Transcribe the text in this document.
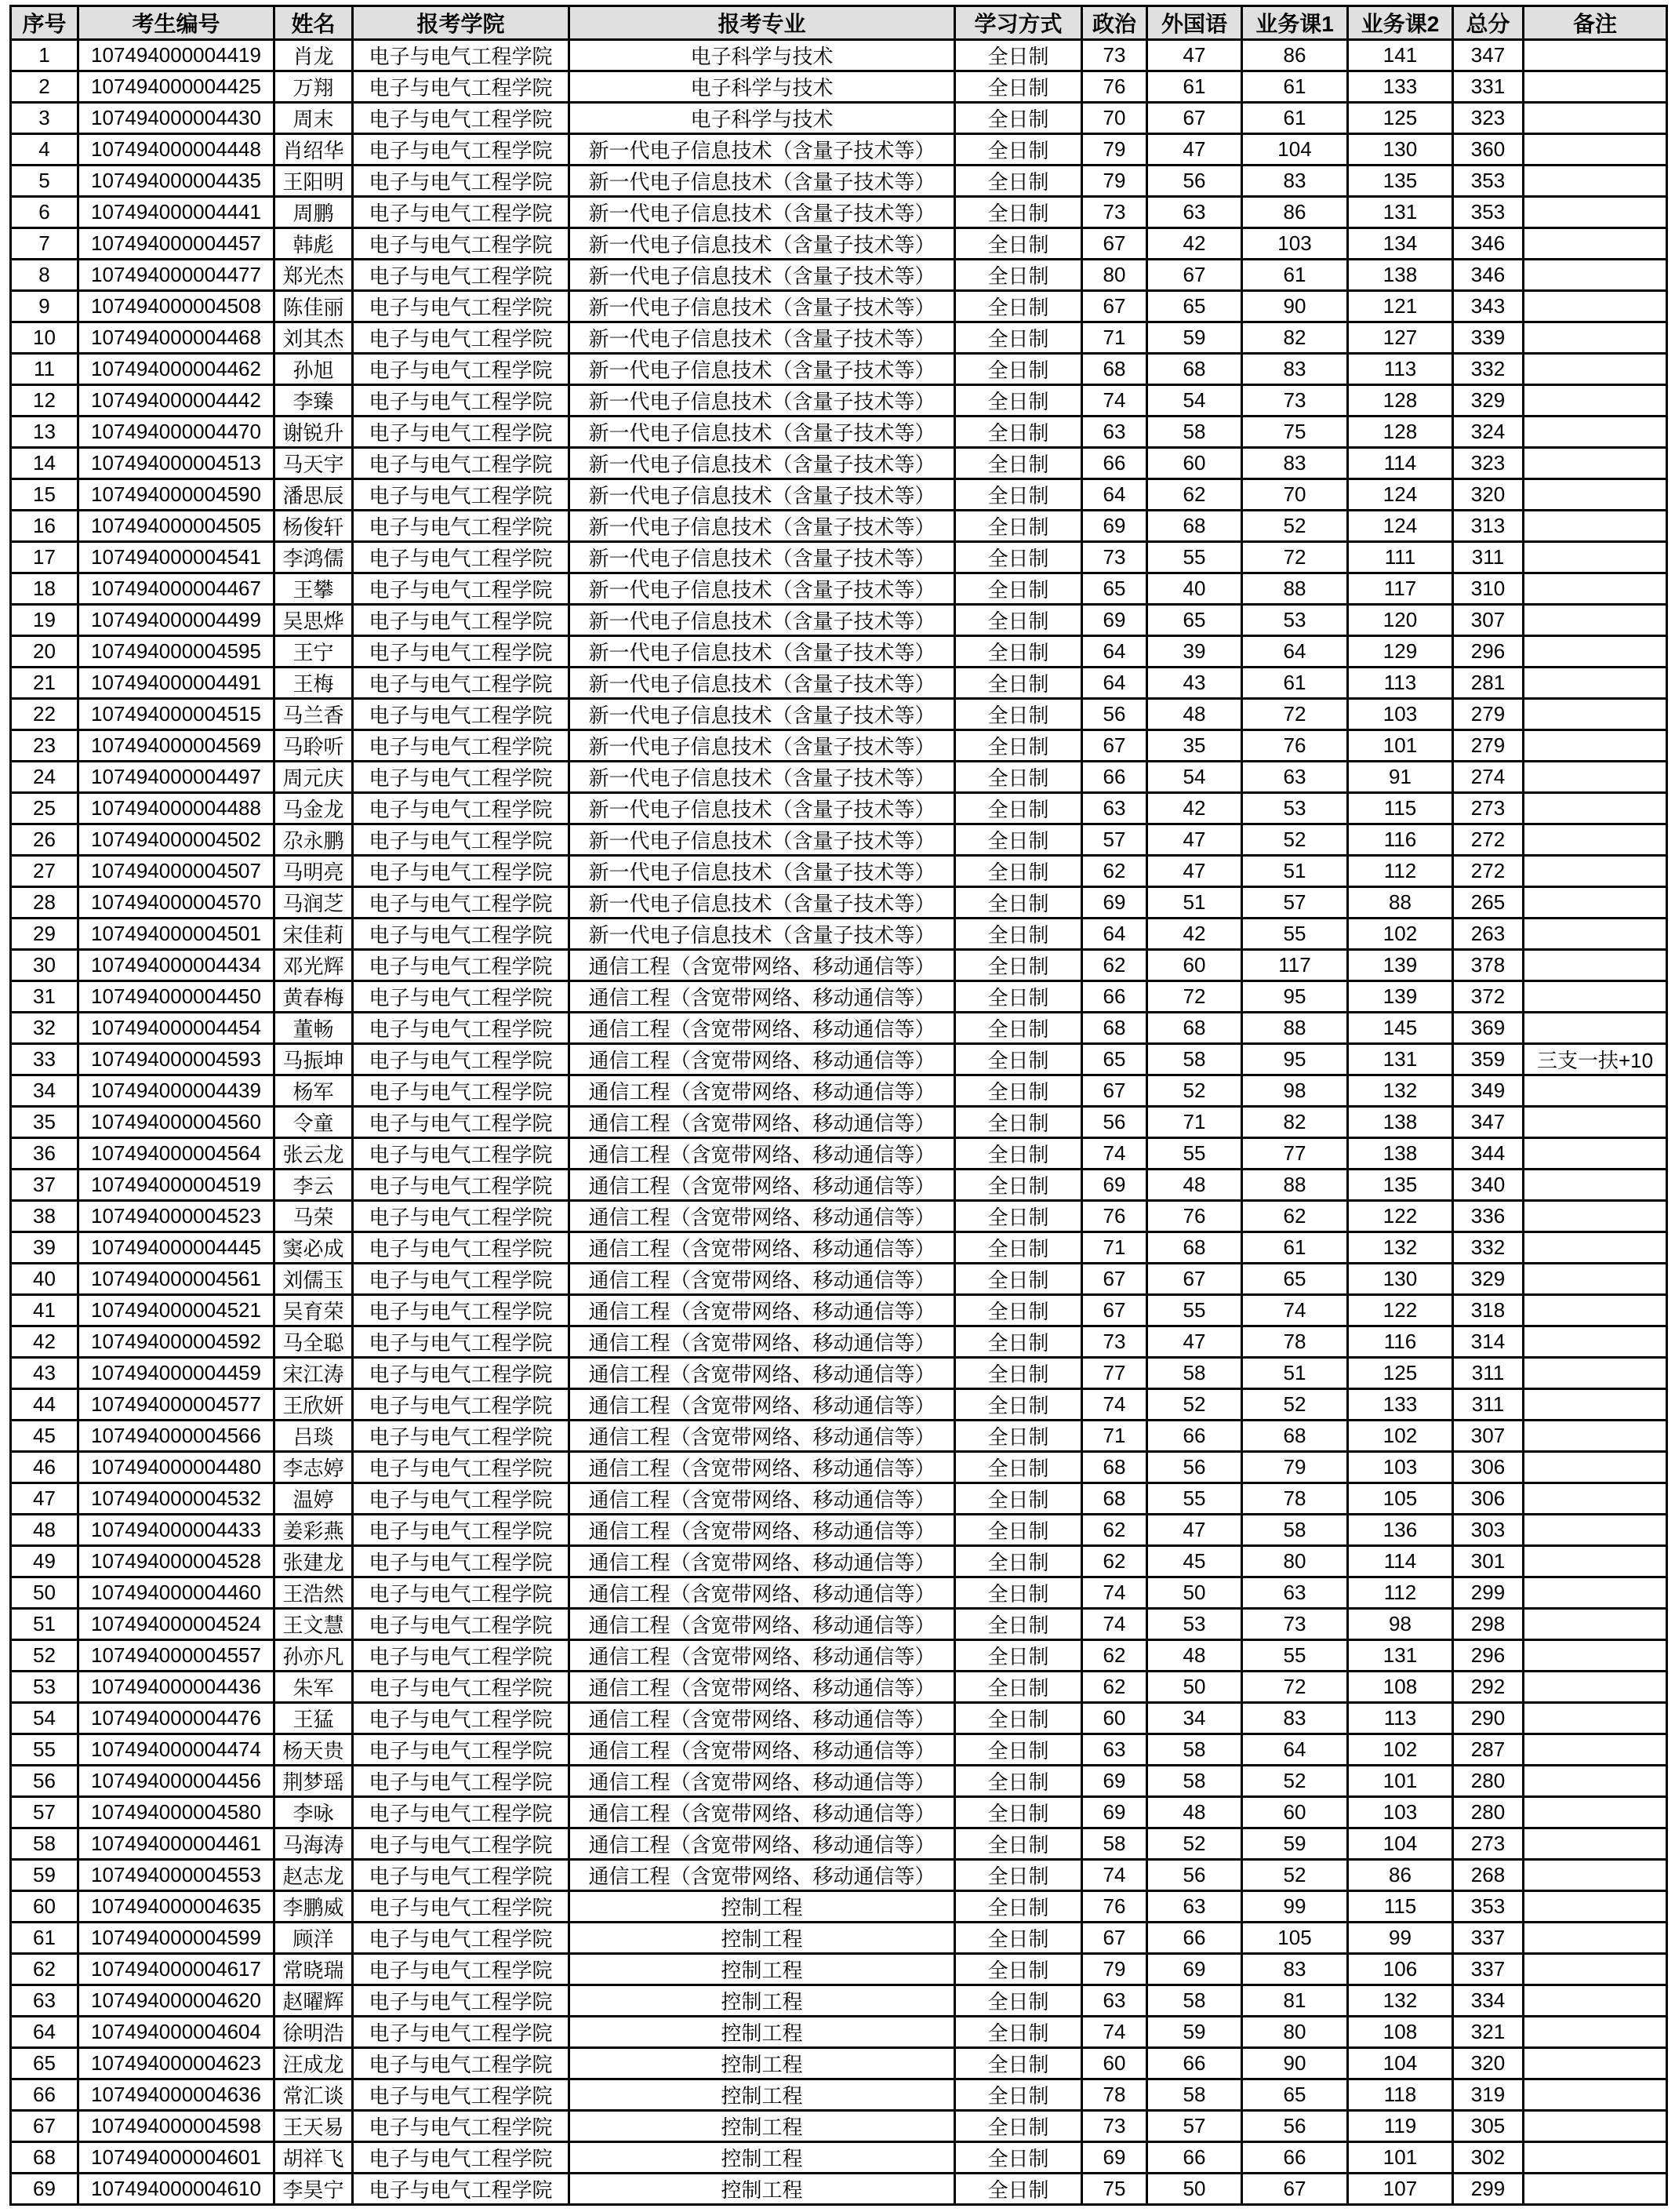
序号	考生编号	姓名	报考学院	报考专业	学习方式	政治	外国语	业务课1	业务课2	总分	备注
1	107494000004419	肖龙	电子与电气工程学院	电子科学与技术	全日制	73	47	86	141	347	
2	107494000004425	万翔	电子与电气工程学院	电子科学与技术	全日制	76	61	61	133	331	
3	107494000004430	周末	电子与电气工程学院	电子科学与技术	全日制	70	67	61	125	323	
4	107494000004448	肖绍华	电子与电气工程学院	新一代电子信息技术（含量子技术等）	全日制	79	47	104	130	360	
5	107494000004435	王阳明	电子与电气工程学院	新一代电子信息技术（含量子技术等）	全日制	79	56	83	135	353	
6	107494000004441	周鹏	电子与电气工程学院	新一代电子信息技术（含量子技术等）	全日制	73	63	86	131	353	
7	107494000004457	韩彪	电子与电气工程学院	新一代电子信息技术（含量子技术等）	全日制	67	42	103	134	346	
8	107494000004477	郑光杰	电子与电气工程学院	新一代电子信息技术（含量子技术等）	全日制	80	67	61	138	346	
9	107494000004508	陈佳丽	电子与电气工程学院	新一代电子信息技术（含量子技术等）	全日制	67	65	90	121	343	
10	107494000004468	刘其杰	电子与电气工程学院	新一代电子信息技术（含量子技术等）	全日制	71	59	82	127	339	
11	107494000004462	孙旭	电子与电气工程学院	新一代电子信息技术（含量子技术等）	全日制	68	68	83	113	332	
12	107494000004442	李臻	电子与电气工程学院	新一代电子信息技术（含量子技术等）	全日制	74	54	73	128	329	
13	107494000004470	谢锐升	电子与电气工程学院	新一代电子信息技术（含量子技术等）	全日制	63	58	75	128	324	
14	107494000004513	马天宇	电子与电气工程学院	新一代电子信息技术（含量子技术等）	全日制	66	60	83	114	323	
15	107494000004590	潘思辰	电子与电气工程学院	新一代电子信息技术（含量子技术等）	全日制	64	62	70	124	320	
16	107494000004505	杨俊轩	电子与电气工程学院	新一代电子信息技术（含量子技术等）	全日制	69	68	52	124	313	
17	107494000004541	李鸿儒	电子与电气工程学院	新一代电子信息技术（含量子技术等）	全日制	73	55	72	111	311	
18	107494000004467	王攀	电子与电气工程学院	新一代电子信息技术（含量子技术等）	全日制	65	40	88	117	310	
19	107494000004499	吴思烨	电子与电气工程学院	新一代电子信息技术（含量子技术等）	全日制	69	65	53	120	307	
20	107494000004595	王宁	电子与电气工程学院	新一代电子信息技术（含量子技术等）	全日制	64	39	64	129	296	
21	107494000004491	王梅	电子与电气工程学院	新一代电子信息技术（含量子技术等）	全日制	64	43	61	113	281	
22	107494000004515	马兰香	电子与电气工程学院	新一代电子信息技术（含量子技术等）	全日制	56	48	72	103	279	
23	107494000004569	马聆听	电子与电气工程学院	新一代电子信息技术（含量子技术等）	全日制	67	35	76	101	279	
24	107494000004497	周元庆	电子与电气工程学院	新一代电子信息技术（含量子技术等）	全日制	66	54	63	91	274	
25	107494000004488	马金龙	电子与电气工程学院	新一代电子信息技术（含量子技术等）	全日制	63	42	53	115	273	
26	107494000004502	尕永鹏	电子与电气工程学院	新一代电子信息技术（含量子技术等）	全日制	57	47	52	116	272	
27	107494000004507	马明亮	电子与电气工程学院	新一代电子信息技术（含量子技术等）	全日制	62	47	51	112	272	
28	107494000004570	马润芝	电子与电气工程学院	新一代电子信息技术（含量子技术等）	全日制	69	51	57	88	265	
29	107494000004501	宋佳莉	电子与电气工程学院	新一代电子信息技术（含量子技术等）	全日制	64	42	55	102	263	
30	107494000004434	邓光辉	电子与电气工程学院	通信工程（含宽带网络、移动通信等）	全日制	62	60	117	139	378	
31	107494000004450	黄春梅	电子与电气工程学院	通信工程（含宽带网络、移动通信等）	全日制	66	72	95	139	372	
32	107494000004454	董畅	电子与电气工程学院	通信工程（含宽带网络、移动通信等）	全日制	68	68	88	145	369	
33	107494000004593	马振坤	电子与电气工程学院	通信工程（含宽带网络、移动通信等）	全日制	65	58	95	131	359	三支一扶+10
34	107494000004439	杨军	电子与电气工程学院	通信工程（含宽带网络、移动通信等）	全日制	67	52	98	132	349	
35	107494000004560	令童	电子与电气工程学院	通信工程（含宽带网络、移动通信等）	全日制	56	71	82	138	347	
36	107494000004564	张云龙	电子与电气工程学院	通信工程（含宽带网络、移动通信等）	全日制	74	55	77	138	344	
37	107494000004519	李云	电子与电气工程学院	通信工程（含宽带网络、移动通信等）	全日制	69	48	88	135	340	
38	107494000004523	马荣	电子与电气工程学院	通信工程（含宽带网络、移动通信等）	全日制	76	76	62	122	336	
39	107494000004445	窦必成	电子与电气工程学院	通信工程（含宽带网络、移动通信等）	全日制	71	68	61	132	332	
40	107494000004561	刘儒玉	电子与电气工程学院	通信工程（含宽带网络、移动通信等）	全日制	67	67	65	130	329	
41	107494000004521	吴育荣	电子与电气工程学院	通信工程（含宽带网络、移动通信等）	全日制	67	55	74	122	318	
42	107494000004592	马全聪	电子与电气工程学院	通信工程（含宽带网络、移动通信等）	全日制	73	47	78	116	314	
43	107494000004459	宋江涛	电子与电气工程学院	通信工程（含宽带网络、移动通信等）	全日制	77	58	51	125	311	
44	107494000004577	王欣妍	电子与电气工程学院	通信工程（含宽带网络、移动通信等）	全日制	74	52	52	133	311	
45	107494000004566	吕琰	电子与电气工程学院	通信工程（含宽带网络、移动通信等）	全日制	71	66	68	102	307	
46	107494000004480	李志婷	电子与电气工程学院	通信工程（含宽带网络、移动通信等）	全日制	68	56	79	103	306	
47	107494000004532	温婷	电子与电气工程学院	通信工程（含宽带网络、移动通信等）	全日制	68	55	78	105	306	
48	107494000004433	姜彩燕	电子与电气工程学院	通信工程（含宽带网络、移动通信等）	全日制	62	47	58	136	303	
49	107494000004528	张建龙	电子与电气工程学院	通信工程（含宽带网络、移动通信等）	全日制	62	45	80	114	301	
50	107494000004460	王浩然	电子与电气工程学院	通信工程（含宽带网络、移动通信等）	全日制	74	50	63	112	299	
51	107494000004524	王文慧	电子与电气工程学院	通信工程（含宽带网络、移动通信等）	全日制	74	53	73	98	298	
52	107494000004557	孙亦凡	电子与电气工程学院	通信工程（含宽带网络、移动通信等）	全日制	62	48	55	131	296	
53	107494000004436	朱军	电子与电气工程学院	通信工程（含宽带网络、移动通信等）	全日制	62	50	72	108	292	
54	107494000004476	王猛	电子与电气工程学院	通信工程（含宽带网络、移动通信等）	全日制	60	34	83	113	290	
55	107494000004474	杨天贵	电子与电气工程学院	通信工程（含宽带网络、移动通信等）	全日制	63	58	64	102	287	
56	107494000004456	荆梦瑶	电子与电气工程学院	通信工程（含宽带网络、移动通信等）	全日制	69	58	52	101	280	
57	107494000004580	李咏	电子与电气工程学院	通信工程（含宽带网络、移动通信等）	全日制	69	48	60	103	280	
58	107494000004461	马海涛	电子与电气工程学院	通信工程（含宽带网络、移动通信等）	全日制	58	52	59	104	273	
59	107494000004553	赵志龙	电子与电气工程学院	通信工程（含宽带网络、移动通信等）	全日制	74	56	52	86	268	
60	107494000004635	李鹏威	电子与电气工程学院	控制工程	全日制	76	63	99	115	353	
61	107494000004599	顾洋	电子与电气工程学院	控制工程	全日制	67	66	105	99	337	
62	107494000004617	常晓瑞	电子与电气工程学院	控制工程	全日制	79	69	83	106	337	
63	107494000004620	赵曜辉	电子与电气工程学院	控制工程	全日制	63	58	81	132	334	
64	107494000004604	徐明浩	电子与电气工程学院	控制工程	全日制	74	59	80	108	321	
65	107494000004623	汪成龙	电子与电气工程学院	控制工程	全日制	60	66	90	104	320	
66	107494000004636	常汇谈	电子与电气工程学院	控制工程	全日制	78	58	65	118	319	
67	107494000004598	王天易	电子与电气工程学院	控制工程	全日制	73	57	56	119	305	
68	107494000004601	胡祥飞	电子与电气工程学院	控制工程	全日制	69	66	66	101	302	
69	107494000004610	李昊宁	电子与电气工程学院	控制工程	全日制	75	50	67	107	299	
